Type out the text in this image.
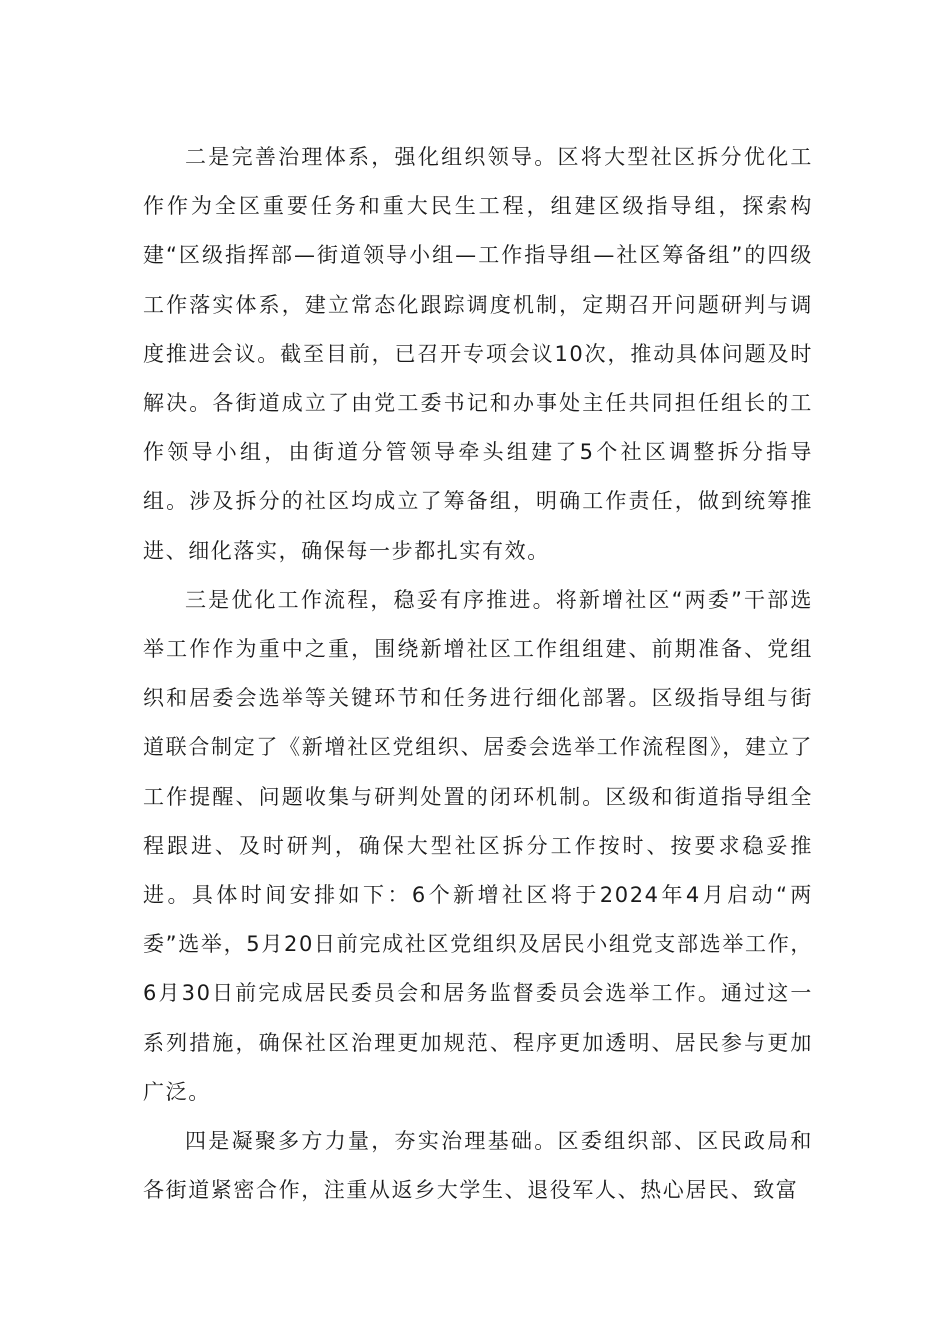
二是完善治理体系，强化组织领导。区将大型社区拆分优化工作作为全区重要任务和重大民生工程，组建区级指导组，探索构建“区级指挥部—街道领导小组—工作指导组—社区筹备组”的四级工作落实体系，建立常态化跟踪调度机制，定期召开问题研判与调度推进会议。截至目前，已召开专项会议10次，推动具体问题及时解决。各街道成立了由党工委书记和办事处主任共同担任组长的工作领导小组，由街道分管领导牵头组建了5个社区调整拆分指导组。涉及拆分的社区均成立了筹备组，明确工作责任，做到统筹推进、细化落实，确保每一步都扎实有效。

三是优化工作流程，稳妥有序推进。将新增社区“两委”干部选举工作作为重中之重，围绕新增社区工作组组建、前期准备、党组织和居委会选举等关键环节和任务进行细化部署。区级指导组与街道联合制定了《新增社区党组织、居委会选举工作流程图》，建立了工作提醒、问题收集与研判处置的闭环机制。区级和街道指导组全程跟进、及时研判，确保大型社区拆分工作按时、按要求稳妥推进。具体时间安排如下：6个新增社区将于2024年4月启动“两委”选举，5月20日前完成社区党组织及居民小组党支部选举工作，6月30日前完成居民委员会和居务监督委员会选举工作。通过这一系列措施，确保社区治理更加规范、程序更加透明、居民参与更加广泛。

四是凝聚多方力量，夯实治理基础。区委组织部、区民政局和各街道紧密合作，注重从返乡大学生、退役军人、热心居民、致富
